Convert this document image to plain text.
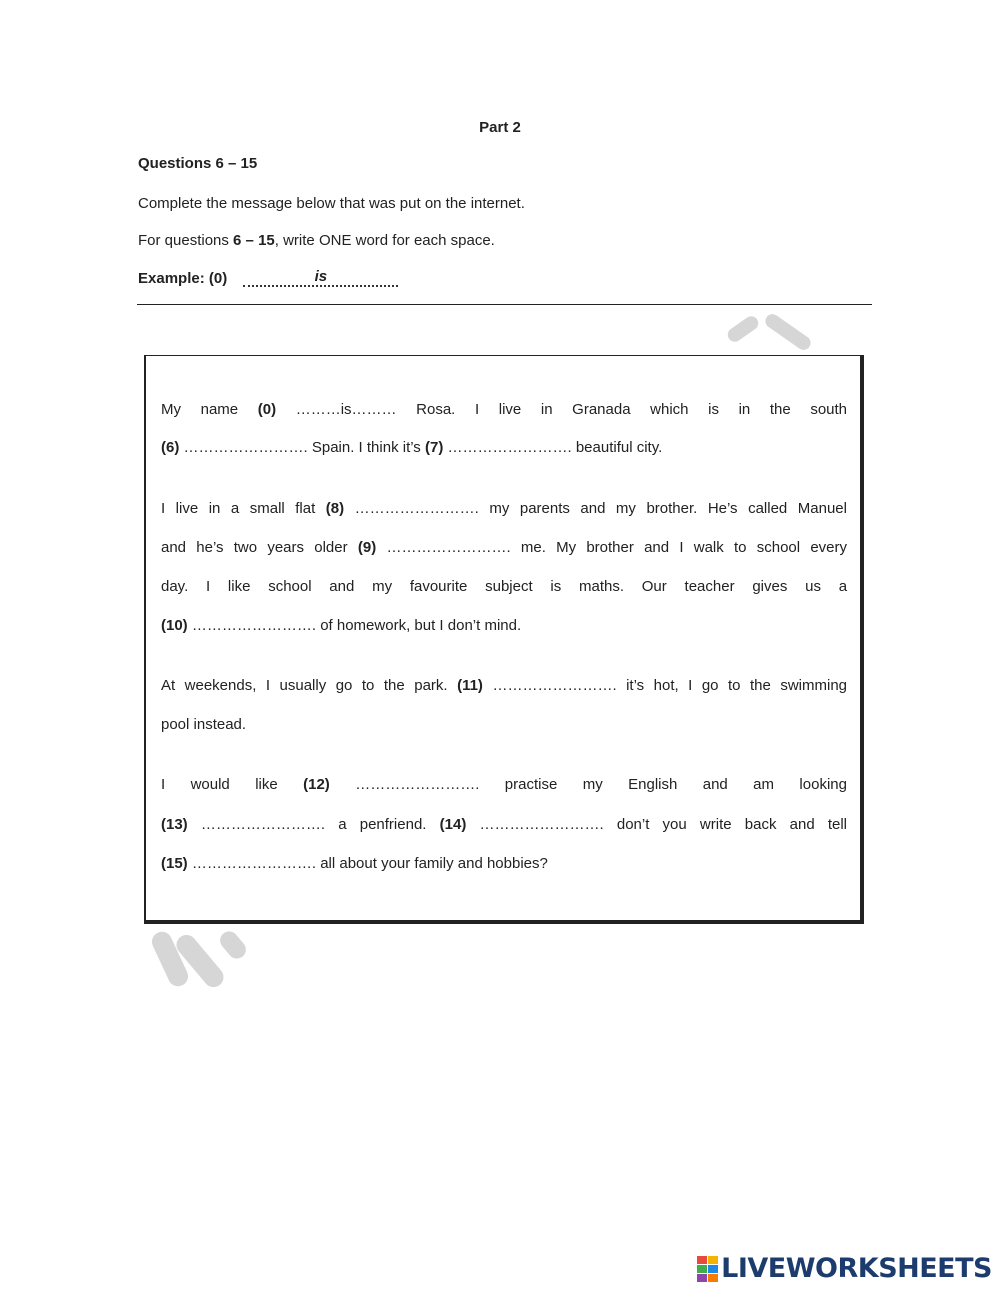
Part 2
Questions 6 – 15
Complete the message below that was put on the internet.
For questions 6 – 15, write ONE word for each space.
Example: (0)	is
My name (0) ………is……… Rosa. I live in Granada which is in the south
(6) ……………………. Spain. I think it’s (7) ……………………. beautiful city.
I live in a small flat (8) ……………………. my parents and my brother. He’s called Manuel
and he’s two years older (9) ……………………. me. My brother and I walk to school every
day. I like school and my favourite subject is maths. Our teacher gives us a
(10) ……………………. of homework, but I don’t mind.
At weekends, I usually go to the park. (11) ……………………. it’s hot, I go to the swimming
pool instead.
I would like (12) ……………………. practise my English and am looking
(13) ……………………. a penfriend. (14) ……………………. don’t you write back and tell
(15) ……………………. all about your family and hobbies?
LIVEWORKSHEETS
